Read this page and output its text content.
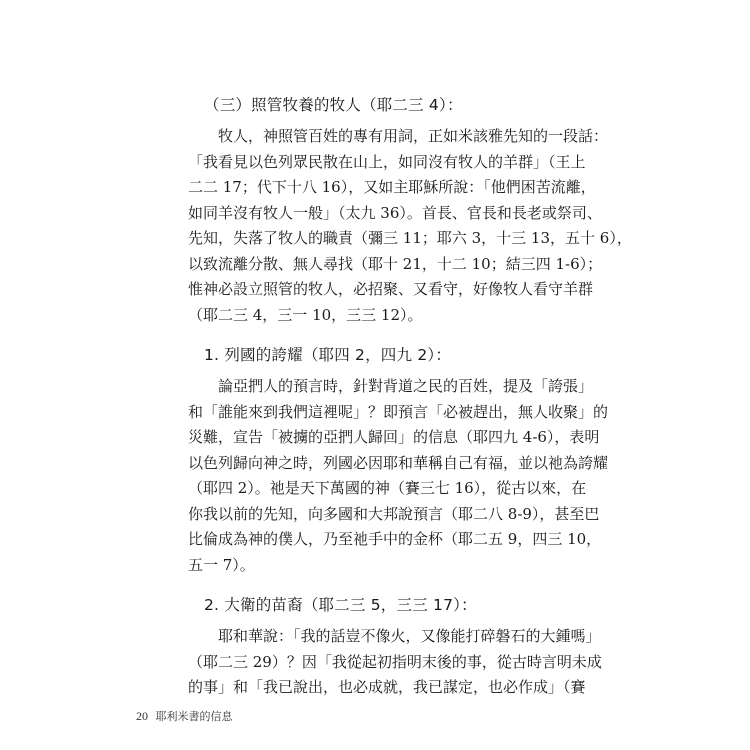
（三）照管牧養的牧人（耶二三 4）：

牧人，神照管百姓的專有用詞，正如米該雅先知的一段話：
「我看見以色列眾民散在山上，如同沒有牧人的羊群」（王上
二二 17；代下十八 16），又如主耶穌所說：「他們困苦流離，
如同羊沒有牧人一般」（太九 36）。首長、官長和長老或祭司、
先知，失落了牧人的職責（彌三 11；耶六 3，十三 13，五十 6），
以致流離分散、無人尋找（耶十 21，十二 10；結三四 1-6）；
惟神必設立照管的牧人，必招聚、又看守，好像牧人看守羊群
（耶二三 4，三一 10，三三 12）。

1. 列國的誇耀（耶四 2，四九 2）：

論亞捫人的預言時，針對背道之民的百姓，提及「誇張」
和「誰能來到我們這裡呢」？即預言「必被趕出，無人收聚」的
災難，宣告「被擄的亞捫人歸回」的信息（耶四九 4-6），表明
以色列歸向神之時，列國必因耶和華稱自己有福，並以祂為誇耀
（耶四 2）。祂是天下萬國的神（賽三七 16），從古以來，在
你我以前的先知，向多國和大邦說預言（耶二八 8-9），甚至巴
比倫成為神的僕人，乃至祂手中的金杯（耶二五 9，四三 10，
五一 7）。

2. 大衛的苗裔（耶二三 5，三三 17）：

耶和華說：「我的話豈不像火，又像能打碎磐石的大鍾嗎」
（耶二三 29）？因「我從起初指明末後的事，從古時言明未成
的事」和「我已說出，也必成就，我已謀定，也必作成」（賽

20 耶利米書的信息
